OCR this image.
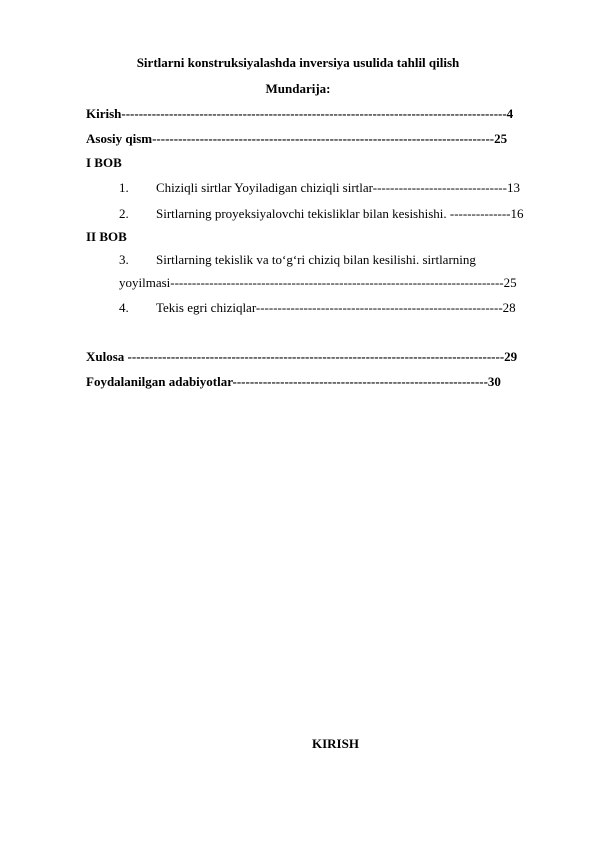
Sirtlarni konstruksiyalashda inversiya usulida tahlil qilish
Mundarija:
Kirish-----------------------------------------------------------------------------------------4
Asosiy qism-------------------------------------------------------------------------------25
I BOB
1. Chiziqli sirtlar Yoyiladigan chiziqli sirtlar-------------------------------13
2. Sirtlarning proyeksiyalovchi tekisliklar bilan kesishishi. --------------16
II BOB
3. Sirtlarning tekislik va to‘g‘ri chiziq bilan kesilishi. sirtlarning
yoyilmasi-----------------------------------------------------------------------------25
4. Tekis egri chiziqlar---------------------------------------------------------28
Xulosa ---------------------------------------------------------------------------------------29
Foydalanilgan adabiyotlar-----------------------------------------------------------30
KIRISH
